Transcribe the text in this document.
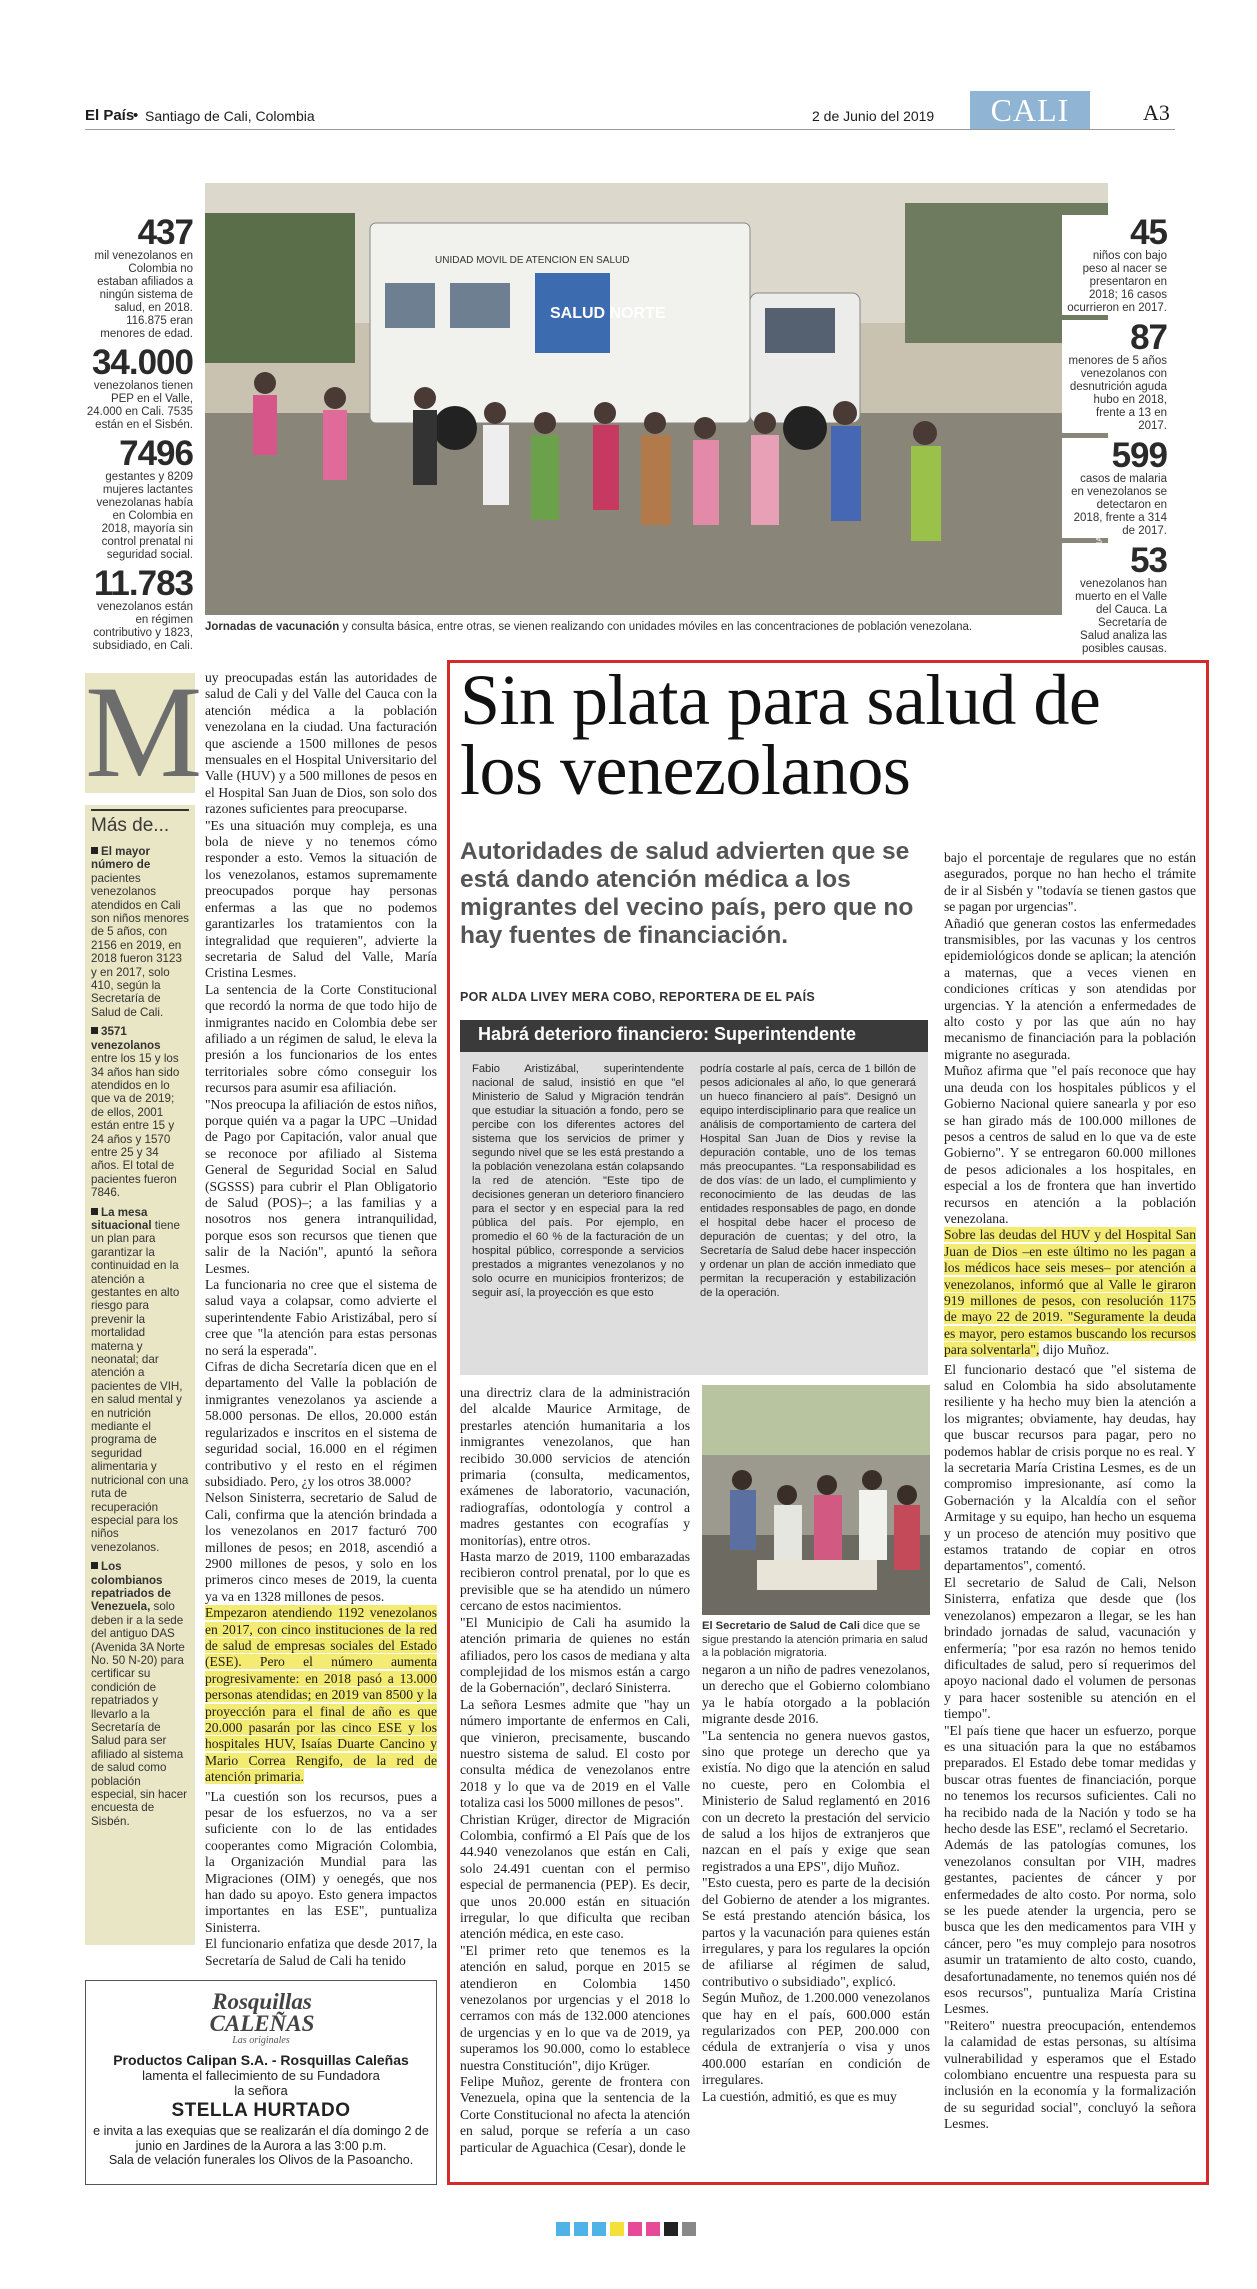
El País
• Santiago de Cali, Colombia	2 de Junio del 2019	CALI	A3
437
mil venezolanos en Colombia no estaban afiliados a ningún sistema de salud, en 2018. 116.875 eran menores de edad.
34.000
venezolanos tienen PEP en el Valle, 24.000 en Cali. 7535 están en el Sisbén.
7496
gestantes y 8209 mujeres lactantes venezolanas había en Colombia en 2018, mayoría sin control prenatal ni seguridad social.
11.783
venezolanos están en régimen contributivo y 1823, subsidiado, en Cali.
SALUD NORTE
UNIDAD MOVIL DE ATENCION EN SALUD
Jornadas de vacunación y consulta básica, entre otras, se vienen realizando con unidades móviles en las concentraciones de población venezolana.
45
niños con bajo peso al nacer se presentaron en 2018; 16 casos ocurrieron en 2017.
87
menores de 5 años venezolanos con desnutrición aguda hubo en 2018, frente a 13 en 2017.
599
casos de malaria en venezolanos se detectaron en 2018, frente a 314 de 2017.
53
venezolanos han muerto en el Valle del Cauca. La Secretaría de Salud analiza las posibles causas.
M
Más de...
El mayor número de pacientes venezolanos atendidos en Cali son niños menores de 5 años, con 2156 en 2019, en 2018 fueron 3123 y en 2017, solo 410, según la Secretaría de Salud de Cali.
3571 venezolanos entre los 15 y los 34 años han sido atendidos en lo que va de 2019; de ellos, 2001 están entre 15 y 24 años y 1570 entre 25 y 34 años. El total de pacientes fueron 7846.
La mesa situacional tiene un plan para garantizar la continuidad en la atención a gestantes en alto riesgo para prevenir la mortalidad materna y neonatal; dar atención a pacientes de VIH, en salud mental y en nutrición mediante el programa de seguridad alimentaria y nutricional con una ruta de recuperación especial para los niños venezolanos.
Los colombianos repatriados de Venezuela, solo deben ir a la sede del antiguo DAS (Avenida 3A Norte No. 50 N-20) para certificar su condición de repatriados y llevarlo a la Secretaría de Salud para ser afiliado al sistema de salud como población especial, sin hacer encuesta de Sisbén.
uy preocupadas están las autoridades de salud de Cali y del Valle del Cauca con la atención médica a la población venezolana en la ciudad. Una facturación que asciende a 1500 millones de pesos mensuales en el Hospital Universitario del Valle (HUV) y a 500 millones de pesos en el Hospital San Juan de Dios, son solo dos razones suficientes para preocuparse.
"Es una situación muy compleja, es una bola de nieve y no tenemos cómo responder a esto. Vemos la situación de los venezolanos, estamos supremamente preocupados porque hay personas enfermas a las que no podemos garantizarles los tratamientos con la integralidad que requieren", advierte la secretaria de Salud del Valle, María Cristina Lesmes.
La sentencia de la Corte Constitucional que recordó la norma de que todo hijo de inmigrantes nacido en Colombia debe ser afiliado a un régimen de salud, le eleva la presión a los funcionarios de los entes territoriales sobre cómo conseguir los recursos para asumir esa afiliación.
"Nos preocupa la afiliación de estos niños, porque quién va a pagar la UPC –Unidad de Pago por Capitación, valor anual que se reconoce por afiliado al Sistema General de Seguridad Social en Salud (SGSSS) para cubrir el Plan Obligatorio de Salud (POS)–; a las familias y a nosotros nos genera intranquilidad, porque esos son recursos que tienen que salir de la Nación", apuntó la señora Lesmes.
La funcionaria no cree que el sistema de salud vaya a colapsar, como advierte el superintendente Fabio Aristizábal, pero sí cree que "la atención para estas personas no será la esperada".
Cifras de dicha Secretaría dicen que en el departamento del Valle la población de inmigrantes venezolanos ya asciende a 58.000 personas. De ellos, 20.000 están regularizados e inscritos en el sistema de seguridad social, 16.000 en el régimen contributivo y el resto en el régimen subsidiado. Pero, ¿y los otros 38.000?
Nelson Sinisterra, secretario de Salud de Cali, confirma que la atención brindada a los venezolanos en 2017 facturó 700 millones de pesos; en 2018, ascendió a 2900 millones de pesos, y solo en los primeros cinco meses de 2019, la cuenta ya va en 1328 millones de pesos.
Empezaron atendiendo 1192 venezolanos en 2017, con cinco instituciones de la red de salud de empresas sociales del Estado (ESE). Pero el número aumenta progresivamente: en 2018 pasó a 13.000 personas atendidas; en 2019 van 8500 y la proyección para el final de año es que 20.000 pasarán por las cinco ESE y los hospitales HUV, Isaías Duarte Cancino y Mario Correa Rengifo, de la red de atención primaria.
"La cuestión son los recursos, pues a pesar de los esfuerzos, no va a ser suficiente con lo de las entidades cooperantes como Migración Colombia, la Organización Mundial para las Migraciones (OIM) y oenegés, que nos han dado su apoyo. Esto genera impactos importantes en las ESE", puntualiza Sinisterra.
El funcionario enfatiza que desde 2017, la Secretaría de Salud de Cali ha tenido
Sin plata para salud de los venezolanos
Autoridades de salud advierten que se está dando atención médica a los migrantes del vecino país, pero que no hay fuentes de financiación.
POR ALDA LIVEY MERA COBO, REPORTERA DE EL PAÍS
Habrá deterioro financiero: Superintendente
Fabio Aristizábal, superintendente nacional de salud, insistió en que "el Ministerio de Salud y Migración tendrán que estudiar la situación a fondo, pero se percibe con los diferentes actores del sistema que los servicios de primer y segundo nivel que se les está prestando a la población venezolana están colapsando la red de atención. "Este tipo de decisiones generan un deterioro financiero para el sector y en especial para la red pública del país. Por ejemplo, en promedio el 60 % de la facturación de un hospital público, corresponde a servicios prestados a migrantes venezolanos y no solo ocurre en municipios fronterizos; de seguir así, la proyección es que esto
podría costarle al país, cerca de 1 billón de pesos adicionales al año, lo que generará un hueco financiero al país". Designó un equipo interdisciplinario para que realice un análisis de comportamiento de cartera del Hospital San Juan de Dios y revise la depuración contable, uno de los temas más preocupantes. "La responsabilidad es de dos vías: de un lado, el cumplimiento y reconocimiento de las deudas de las entidades responsables de pago, en donde el hospital debe hacer el proceso de depuración de cuentas; y del otro, la Secretaría de Salud debe hacer inspección y ordenar un plan de acción inmediato que permitan la recuperación y estabilización de la operación.
una directriz clara de la administración del alcalde Maurice Armitage, de prestarles atención humanitaria a los inmigrantes venezolanos, que han recibido 30.000 servicios de atención primaria (consulta, medicamentos, exámenes de laboratorio, vacunación, radiografías, odontología y control a madres gestantes con ecografías y monitorías), entre otros.
Hasta marzo de 2019, 1100 embarazadas recibieron control prenatal, por lo que es previsible que se ha atendido un número cercano de estos nacimientos.
"El Municipio de Cali ha asumido la atención primaria de quienes no están afiliados, pero los casos de mediana y alta complejidad de los mismos están a cargo de la Gobernación", declaró Sinisterra.
La señora Lesmes admite que "hay un número importante de enfermos en Cali, que vinieron, precisamente, buscando nuestro sistema de salud. El costo por consulta médica de venezolanos entre 2018 y lo que va de 2019 en el Valle totaliza casi los 5000 millones de pesos".
Christian Krüger, director de Migración Colombia, confirmó a El País que de los 44.940 venezolanos que están en Cali, solo 24.491 cuentan con el permiso especial de permanencia (PEP). Es decir, que unos 20.000 están en situación irregular, lo que dificulta que reciban atención médica, en este caso.
"El primer reto que tenemos es la atención en salud, porque en 2015 se atendieron en Colombia 1450 venezolanos por urgencias y el 2018 lo cerramos con más de 132.000 atenciones de urgencias y en lo que va de 2019, ya superamos los 90.000, como lo establece nuestra Constitución", dijo Krüger.
Felipe Muñoz, gerente de frontera con Venezuela, opina que la sentencia de la Corte Constitucional no afecta la atención en salud, porque se refería a un caso particular de Aguachica (Cesar), donde le
El Secretario de Salud de Cali dice que se sigue prestando la atención primaria en salud a la población migratoria.
negaron a un niño de padres venezolanos, un derecho que el Gobierno colombiano ya le había otorgado a la población migrante desde 2016.
"La sentencia no genera nuevos gastos, sino que protege un derecho que ya existía. No digo que la atención en salud no cueste, pero en Colombia el Ministerio de Salud reglamentó en 2016 con un decreto la prestación del servicio de salud a los hijos de extranjeros que nazcan en el país y exige que sean registrados a una EPS", dijo Muñoz.
"Esto cuesta, pero es parte de la decisión del Gobierno de atender a los migrantes. Se está prestando atención básica, los partos y la vacunación para quienes están irregulares, y para los regulares la opción de afiliarse al régimen de salud, contributivo o subsidiado", explicó.
Según Muñoz, de 1.200.000 venezolanos que hay en el país, 600.000 están regularizados con PEP, 200.000 con cédula de extranjería o visa y unos 400.000 estarían en condición de irregulares.
La cuestión, admitió, es que es muy
bajo el porcentaje de regulares que no están asegurados, porque no han hecho el trámite de ir al Sisbén y "todavía se tienen gastos que se pagan por urgencias".
Añadió que generan costos las enfermedades transmisibles, por las vacunas y los centros epidemiológicos donde se aplican; la atención a maternas, que a veces vienen en condiciones críticas y son atendidas por urgencias. Y la atención a enfermedades de alto costo y por las que aún no hay mecanismo de financiación para la población migrante no asegurada.
Muñoz afirma que "el país reconoce que hay una deuda con los hospitales públicos y el Gobierno Nacional quiere sanearla y por eso se han girado más de 100.000 millones de pesos a centros de salud en lo que va de este Gobierno". Y se entregaron 60.000 millones de pesos adicionales a los hospitales, en especial a los de frontera que han invertido recursos en atención a la población venezolana.
Sobre las deudas del HUV y del Hospital San Juan de Dios –en este último no les pagan a los médicos hace seis meses– por atención a venezolanos, informó que al Valle le giraron 919 millones de pesos, con resolución 1175 de mayo 22 de 2019. "Seguramente la deuda es mayor, pero estamos buscando los recursos para solventarla", dijo Muñoz.
El funcionario destacó que "el sistema de salud en Colombia ha sido absolutamente resiliente y ha hecho muy bien la atención a los migrantes; obviamente, hay deudas, hay que buscar recursos para pagar, pero no podemos hablar de crisis porque no es real. Y la secretaria María Cristina Lesmes, es de un compromiso impresionante, así como la Gobernación y la Alcaldía con el señor Armitage y su equipo, han hecho un esquema y un proceso de atención muy positivo que estamos tratando de copiar en otros departamentos", comentó.
El secretario de Salud de Cali, Nelson Sinisterra, enfatiza que desde que (los venezolanos) empezaron a llegar, se les han brindado jornadas de salud, vacunación y enfermería; "por esa razón no hemos tenido dificultades de salud, pero sí requerimos del apoyo nacional dado el volumen de personas y para hacer sostenible su atención en el tiempo".
"El país tiene que hacer un esfuerzo, porque es una situación para la que no estábamos preparados. El Estado debe tomar medidas y buscar otras fuentes de financiación, porque no tenemos los recursos suficientes. Cali no ha recibido nada de la Nación y todo se ha hecho desde las ESE", reclamó el Secretario.
Además de las patologías comunes, los venezolanos consultan por VIH, madres gestantes, pacientes de cáncer y por enfermedades de alto costo. Por norma, solo se les puede atender la urgencia, pero se busca que les den medicamentos para VIH y cáncer, pero "es muy complejo para nosotros asumir un tratamiento de alto costo, cuando, desafortunadamente, no tenemos quién nos dé esos recursos", puntualiza María Cristina Lesmes.
"Reitero" nuestra preocupación, entendemos la calamidad de estas personas, su altísima vulnerabilidad y esperamos que el Estado colombiano encuentre una respuesta para su inclusión en la economía y la formalización de su seguridad social", concluyó la señora Lesmes.
Rosquillas CALEÑAS
Las originales
Productos Calipan S.A. - Rosquillas Caleñas
lamenta el fallecimiento de su Fundadora
la señora
STELLA HURTADO
e invita a las exequias que se realizarán el día domingo 2 de junio en Jardines de la Aurora a las 3:00 p.m.
Sala de velación funerales los Olivos de la Pasoancho.
